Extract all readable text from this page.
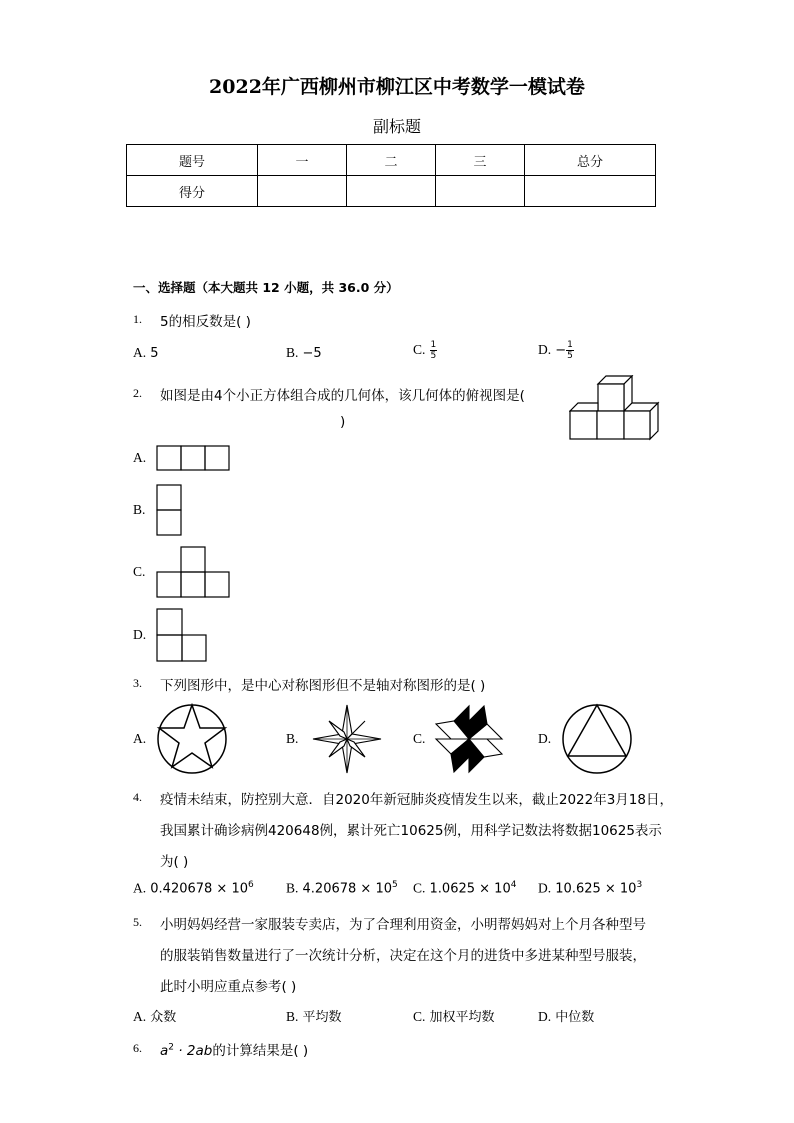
2022年广西柳州市柳江区中考数学一模试卷
副标题
题号	一	二	三	总分
得分				
一、选择题（本大题共 12 小题，共 36.0 分）
1. 5的相反数是( )
A. 5	B. −5	C. $\frac{1}{5}$	D. − $\frac{1}{5}$
2. 如图是由4个小正方体组合成的几何体，该几何体的俯视图是(
)
A.
B.
C.
D.
3. 下列图形中，是中心对称图形但不是轴对称图形的是( )
A.	B.	C.	D.
4. 疫情未结束，防控别大意．自2020年新冠肺炎疫情发生以来，截止2022年3月18日，
我国累计确诊病例420648例，累计死亡10625例，用科学记数法将数据10625表示
为( )
A. $0.420678 \times 10^6$ B. $4.20678 \times 10^5$ C. $1.0625 \times 10^4$ D. $10.625 \times 10^3$
5. 小明妈妈经营一家服装专卖店，为了合理利用资金，小明帮妈妈对上个月各种型号
的服装销售数量进行了一次统计分析，决定在这个月的进货中多进某种型号服装，
此时小明应重点参考( )
A. 众数	B. 平均数	C. 加权平均数	D. 中位数
6. $a^2 \cdot 2ab$的计算结果是( )
